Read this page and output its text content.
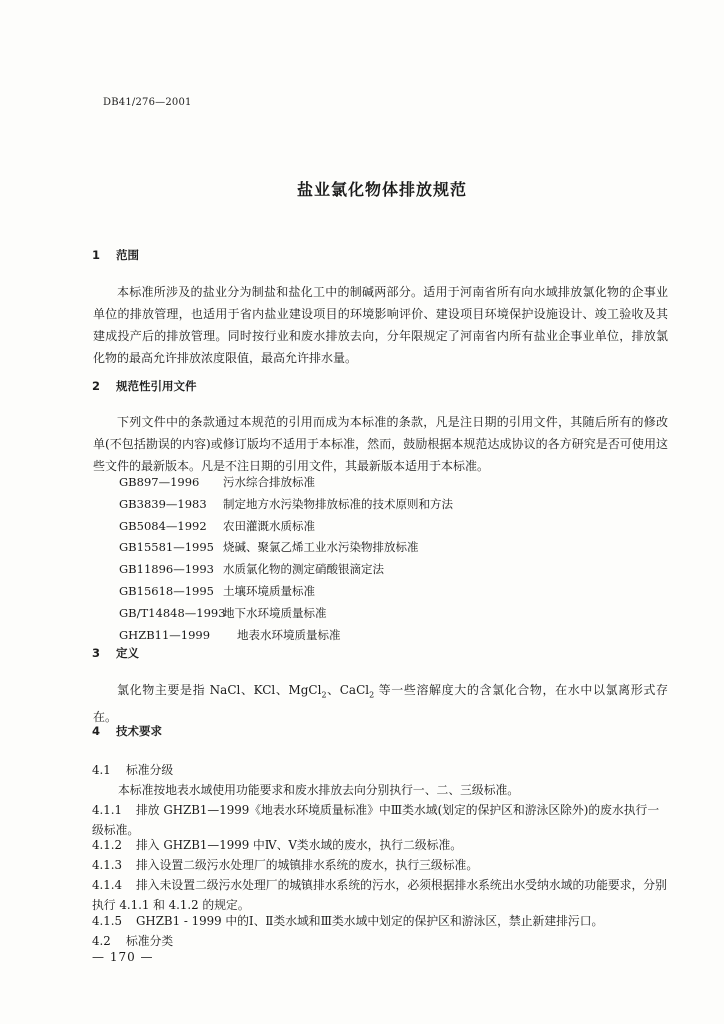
DB41/276—2001
盐业氯化物体排放规范
1 范围

本标准所涉及的盐业分为制盐和盐化工中的制碱两部分。适用于河南省所有向水域排放氯化物的企事业单位的排放管理，也适用于省内盐业建设项目的环境影响评价、建设项目环境保护设施设计、竣工验收及其建成投产后的排放管理。同时按行业和废水排放去向，分年限规定了河南省内所有盐业企事业单位，排放氯化物的最高允许排放浓度限值，最高允许排水量。

2 规范性引用文件

下列文件中的条款通过本规范的引用而成为本标准的条款，凡是注日期的引用文件，其随后所有的修改单(不包括勘误的内容)或修订版均不适用于本标准，然而，鼓励根据本规范达成协议的各方研究是否可使用这些文件的最新版本。凡是不注日期的引用文件，其最新版本适用于本标准。

GB897—1996 污水综合排放标准
GB3839—1983 制定地方水污染物排放标准的技术原则和方法
GB5084—1992 农田灌溉水质标准
GB15581—1995 烧碱、聚氯乙烯工业水污染物排放标准
GB11896—1993 水质氯化物的测定硝酸银滴定法
GB15618—1995 土壤环境质量标准
GB/T14848—1993地下水环境质量标准
GHZB11—1999地表水环境质量标准
3 定义

氯化物主要是指 NaCl、KCl、MgCl$_2$、CaCl$_2$ 等一些溶解度大的含氯化合物，在水中以氯离形式存在。

4 技术要求
4.1 标准分级
本标准按地表水域使用功能要求和废水排放去向分别执行一、二、三级标准。
4.1.1 排放 GHZB1—1999《地表水环境质量标准》中Ⅲ类水域(划定的保护区和游泳区除外)的废水执行一级标准。
4.1.2 排入 GHZB1—1999 中Ⅳ、Ⅴ类水域的废水，执行二级标准。
4.1.3 排入设置二级污水处理厂的城镇排水系统的废水，执行三级标准。
4.1.4 排入未设置二级污水处理厂的城镇排水系统的污水，必须根据排水系统出水受纳水域的功能要求，分别执行 4.1.1 和 4.1.2 的规定。
4.1.5 GHZB1 - 1999 中的Ⅰ、Ⅱ类水域和Ⅲ类水域中划定的保护区和游泳区，禁止新建排污口。
4.2 标准分类
— 170 —
